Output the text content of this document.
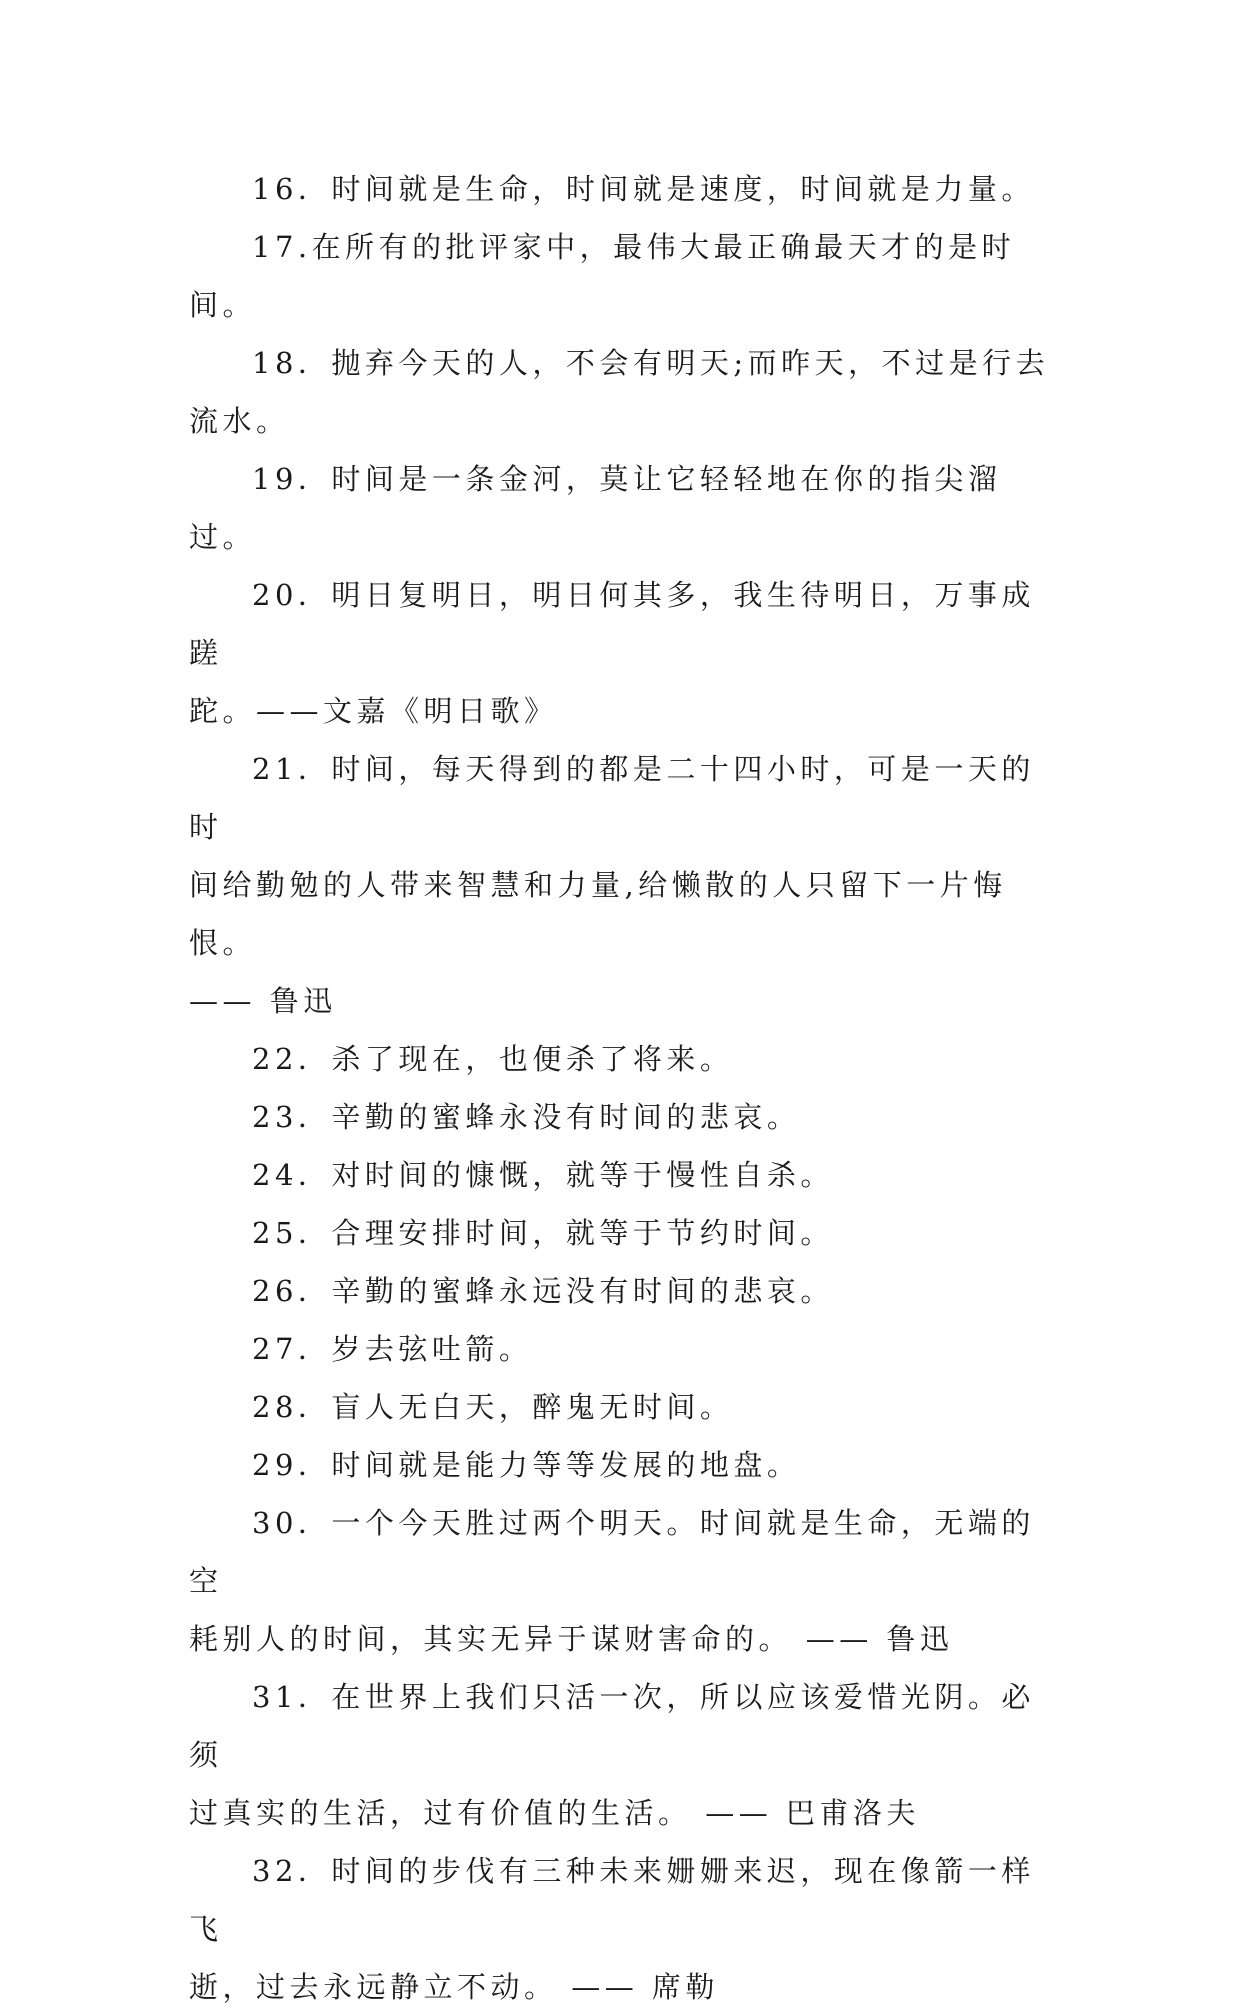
16．时间就是生命，时间就是速度，时间就是力量。

17.在所有的批评家中，最伟大最正确最天才的是时间。

18．抛弃今天的人，不会有明天;而昨天，不过是行去
流水。

19．时间是一条金河，莫让它轻轻地在你的指尖溜过。

20．明日复明日，明日何其多，我生待明日，万事成蹉
跎。——文嘉《明日歌》

21．时间，每天得到的都是二十四小时，可是一天的时
间给勤勉的人带来智慧和力量,给懒散的人只留下一片悔恨。
—— 鲁迅

22．杀了现在，也便杀了将来。

23．辛勤的蜜蜂永没有时间的悲哀。

24．对时间的慷慨，就等于慢性自杀。

25．合理安排时间，就等于节约时间。

26．辛勤的蜜蜂永远没有时间的悲哀。

27．岁去弦吐箭。

28．盲人无白天，醉鬼无时间。

29．时间就是能力等等发展的地盘。

30．一个今天胜过两个明天。时间就是生命，无端的空
耗别人的时间，其实无异于谋财害命的。 —— 鲁迅

31．在世界上我们只活一次，所以应该爱惜光阴。必须
过真实的生活，过有价值的生活。 —— 巴甫洛夫

32．时间的步伐有三种未来姗姗来迟，现在像箭一样飞
逝，过去永远静立不动。 —— 席勒
